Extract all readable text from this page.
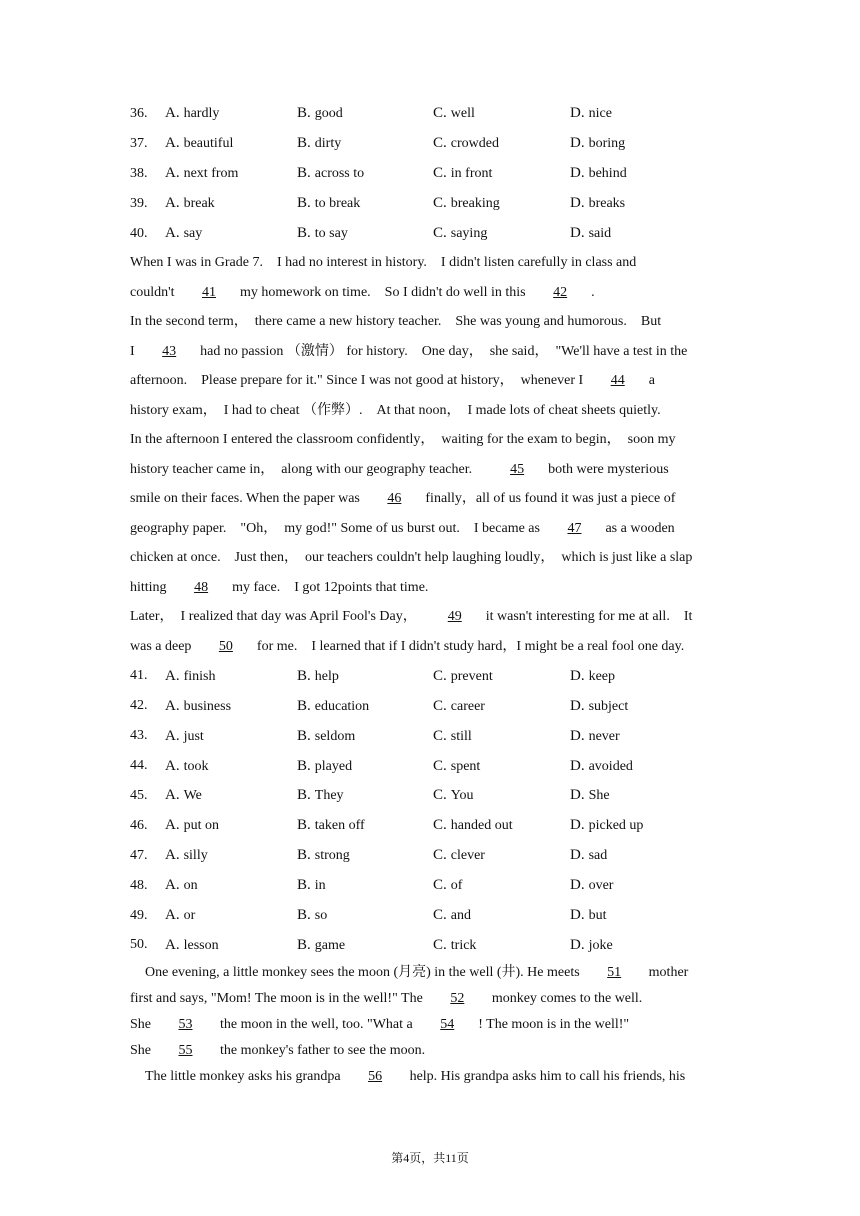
36.	A. hardly	B. good	C. well	D. nice
37.	A. beautiful	B. dirty	C. crowded	D. boring
38.	A. next from	B. across to	C. in front	D. behind
39.	A. break	B. to break	C. breaking	D. breaks
40.	A. say	B. to say	C. saying	D. said
When I was in Grade 7.　I had no interest in history.　I didn't listen carefully in class and
couldn't 41 my homework on time.　So I didn't do well in this 42 .
In the second term，　there came a new history teacher.　She was young and humorous.　But
I 43 had no passion （激情） for history.　One day，　she said，　"We'll have a test in the
afternoon.　Please prepare for it." Since I was not good at history，　whenever I 44 a
history exam，　I had to cheat （作弊）.　At that noon，　I made lots of cheat sheets quietly.
In the afternoon I entered the classroom confidently，　waiting for the exam to begin，　soon my
history teacher came in，　along with our geography teacher.　45 both were mysterious
smile on their faces. When the paper was 46 finally，all of us found it was just a piece of
geography paper.　"Oh，　my god!" Some of us burst out.　I became as 47 as a wooden
chicken at once.　Just then，　our teachers couldn't help laughing loudly，　which is just like a slap
hitting 48 my face.　I got 12points that time.
Later，　I realized that day was April Fool's Day，　49 it wasn't interesting for me at all.　It
was a deep 50 for me.　I learned that if I didn't study hard，I might be a real fool one day.
41.	A. finish	B. help	C. prevent	D. keep
42.	A. business	B. education	C. career	D. subject
43.	A. just	B. seldom	C. still	D. never
44.	A. took	B. played	C. spent	D. avoided
45.	A. We	B. They	C. You	D. She
46.	A. put on	B. taken off	C. handed out	D. picked up
47.	A. silly	B. strong	C. clever	D. sad
48.	A. on	B. in	C. of	D. over
49.	A. or	B. so	C. and	D. but
50.	A. lesson	B. game	C. trick	D. joke
One evening, a little monkey sees the moon (月亮) in the well (井). He meets 51 mother
first and says, "Mom! The moon is in the well!" The 52 monkey comes to the well.
She 53 the moon in the well, too. "What a 54 ! The moon is in the well!"
She 55 the monkey's father to see the moon.
The little monkey asks his grandpa 56 help. His grandpa asks him to call his friends, his
第4页，共11页
